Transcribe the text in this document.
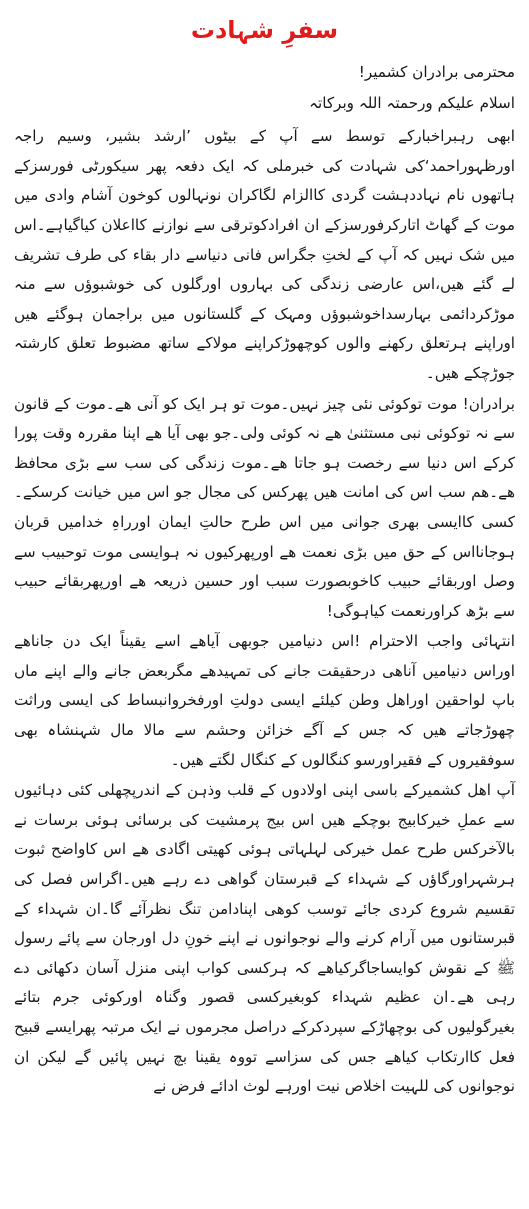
سفرِ شہادت
محترمی برادران کشمیر!
اسلام علیکم ورحمتہ اللہ وبرکاتہ
ابھی رہبراخبارکے توسط سے آپ کے بیٹوں ’ارشد بشیر، وسیم راجہ اورظہوراحمد‘کی شہادت کی خبرملی کہ ایک دفعہ پھر سیکورٹی فورسزکے ہاتھوں نام نہاددہشت گردی کاالزام لگاکران نونہالوں کوخون آشام وادی میں موت کے گھاٹ اتارکرفورسزکے ان افرادکوترقی سے نوازنے کااعلان کیاگیاہے۔اس میں شک نہیں کہ آپ کے لختِ جگراس فانی دنیاسے دار بقاء کی طرف تشریف لے گئے ھیں،اس عارضی زندگی کی بہاروں اورگلوں کی خوشبوؤں سے منہ موڑکردائمی بہارسداخوشبوؤں ومہک کے گلستانوں میں براجمان ہوگئے ھیں اوراپنے ہرتعلق رکھنے والوں کوچھوڑکراپنے مولاکے ساتھ مضبوط تعلق کارشتہ جوڑچکے ھیں۔
برادران! موت توکوئی نئی چیز نہیں۔موت تو ہر ایک کو آنی ھے۔موت کے قانون سے نہ توکوئی نبی مستثنیٰ ھے نہ کوئی ولی۔جو بھی آیا ھے اپنا مقررہ وقت پورا کرکے اس دنیا سے رخصت ہو جاتا ھے۔موت زندگی کی سب سے بڑی محافظ ھے۔ھم سب اس کی امانت ھیں پھرکس کی مجال جو اس میں خیانت کرسکے۔کسی کاایسی بھری جوانی میں اس طرح حالتِ ایمان اورراہِ خدامیں قربان ہوجانااس کے حق میں بڑی نعمت ھے اورپھرکیوں نہ ہوایسی موت توحبیب سے وصل اوربقائے حبیب کاخوبصورت سبب اور حسین ذریعہ ھے اورپھربقائے حبیب سے بڑھ کراورنعمت کیاہوگی!
انتہائی واجب الاحترام !اس دنیامیں جوبھی آیاھے اسے یقیناً ایک دن جاناھے اوراس دنیامیں آناھی درحقیقت جانے کی تمہیدھے مگربعض جانے والے اپنے ماں باپ لواحقین اوراھل وطن کیلئے ایسی دولتِ اورفخروانبساط کی ایسی وراثت چھوڑجاتے ھیں کہ جس کے آگے خزائن وحشم سے مالا مال شہنشاہ بھی سوفقیروں کے فقیراورسو کنگالوں کے کنگال لگتے ھیں۔
آپ اھل کشمیرکے باسی اپنی اولادوں کے قلب وذہن کے اندرپچھلی کئی دہائیوں سے عملِ خیرکابیج بوچکے ھیں اس بیج پرمشیت کی برسائی ہوئی برسات نے بالآخرکس طرح عمل خیرکی لہلہاتی ہوئی کھیتی اگادی ھے اس کاواضح ثبوت ہرشہراورگاؤں کے شہداء کے قبرستان گواھی دے رہے ھیں۔اگراس فصل کی تقسیم شروع کردی جائے توسب کوھی اپنادامن تنگ نظرآئے گا۔ان شہداء کے قبرستانوں میں آرام کرنے والے نوجوانوں نے اپنے خونِ دل اورجان سے پائے رسول ﷺ کے نقوش کوایساجاگرکیاھے کہ ہرکسی کواب اپنی منزل آسان دکھائی دے رہی ھے۔ان عظیم شہداء کوبغیرکسی قصور وگناہ اورکوئی جرم بتائے بغیرگولیوں کی بوچھاڑکے سپردکرکے دراصل مجرموں نے ایک مرتبہ پھرایسے قبیح فعل کاارتکاب کیاھے جس کی سزاسے تووہ یقینا بچ نہیں پائیں گے لیکن ان نوجوانوں کی للہیت اخلاص نیت اورہے لوث ادائے فرض نے
